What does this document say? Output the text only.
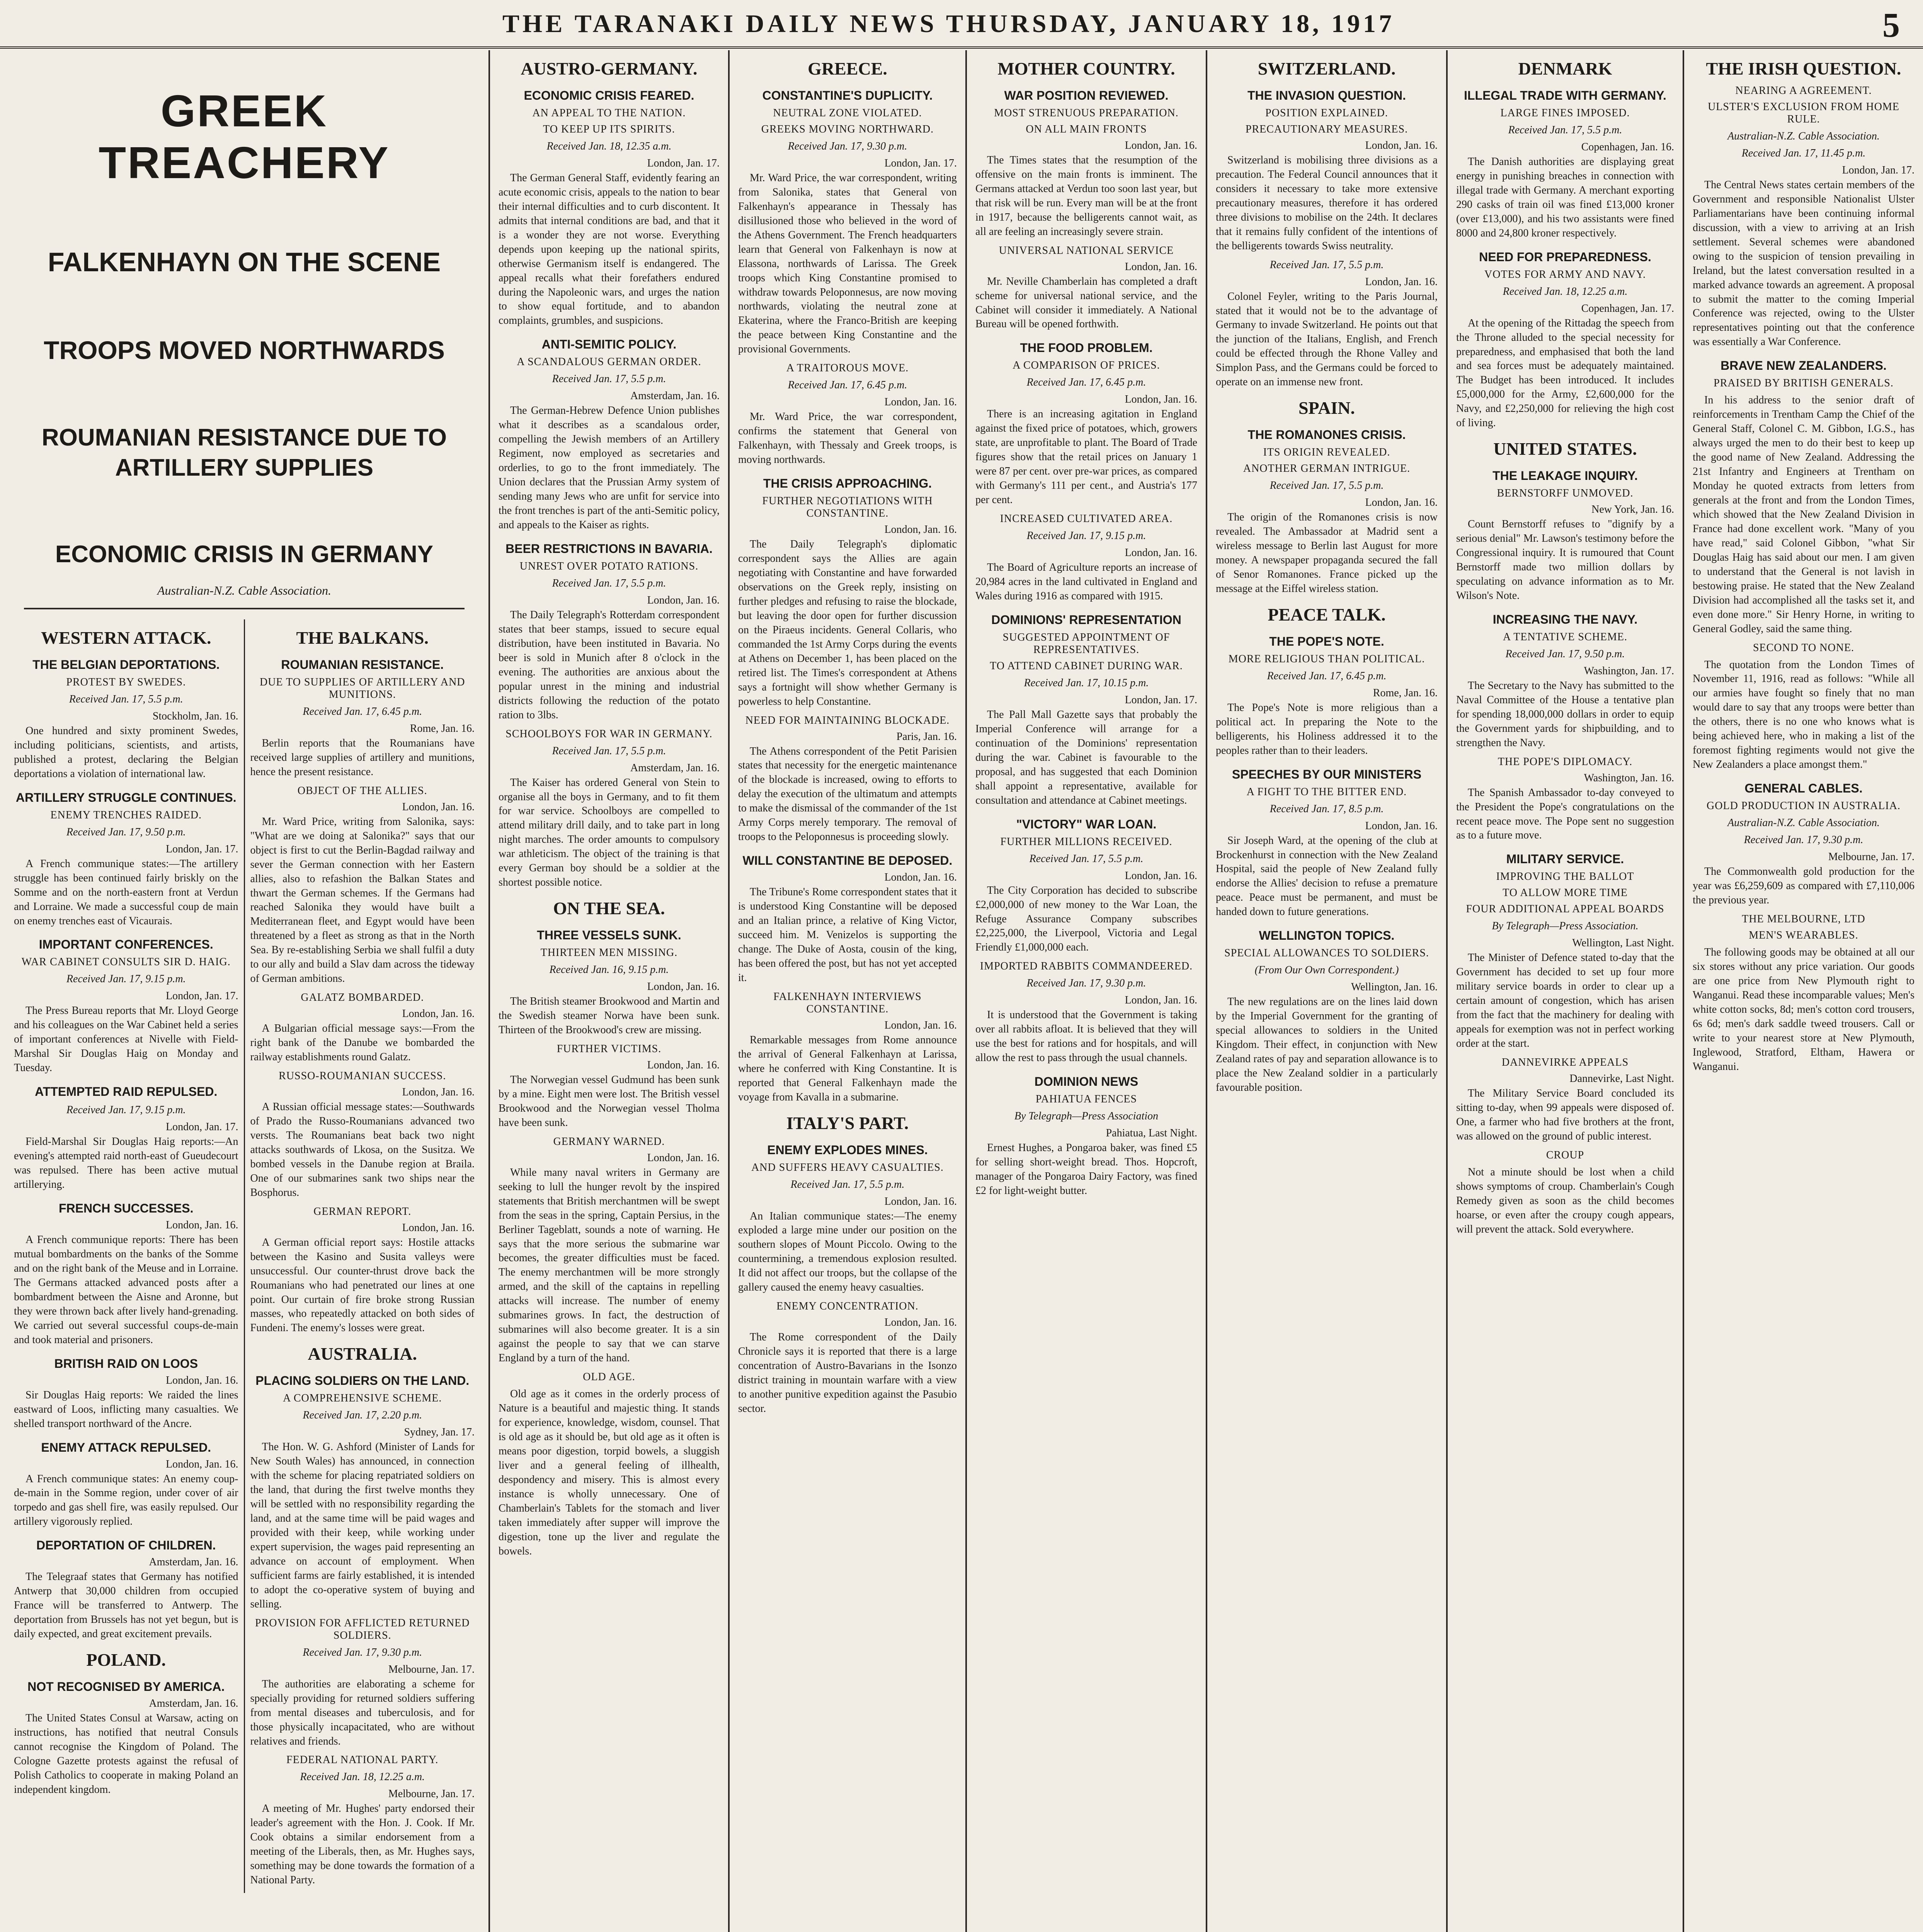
THE TARANAKI DAILY NEWS THURSDAY, JANUARY 18, 1917	5
GREEK TREACHERY
FALKENHAYN ON THE SCENE
TROOPS MOVED NORTHWARDS
ROUMANIAN RESISTANCE DUE TO ARTILLERY SUPPLIES
ECONOMIC CRISIS IN GERMANY
Australian-N.Z. Cable Association.
WESTERN ATTACK.
THE BELGIAN DEPORTATIONS.
PROTEST BY SWEDES.
Received Jan. 17, 5.5 p.m.
Stockholm, Jan. 16.

One hundred and sixty prominent Swedes, including politicians, scientists, and artists, published a protest, declaring the Belgian deportations a violation of international law.

ARTILLERY STRUGGLE CONTINUES.
ENEMY TRENCHES RAIDED.
Received Jan. 17, 9.50 p.m.
London, Jan. 17.

A French communique states:—The artillery struggle has been continued fairly briskly on the Somme and on the north-eastern front at Verdun and Lorraine. We made a successful coup de main on enemy trenches east of Vicaurais.

IMPORTANT CONFERENCES.
WAR CABINET CONSULTS SIR D. HAIG.
Received Jan. 17, 9.15 p.m.
London, Jan. 17.

The Press Bureau reports that Mr. Lloyd George and his colleagues on the War Cabinet held a series of important conferences at Nivelle with Field-Marshal Sir Douglas Haig on Monday and Tuesday.

ATTEMPTED RAID REPULSED.
Received Jan. 17, 9.15 p.m.
London, Jan. 17.

Field-Marshal Sir Douglas Haig reports:—An evening's attempted raid north-east of Gueudecourt was repulsed. There has been active mutual artillerying.

FRENCH SUCCESSES.
London, Jan. 16.

A French communique reports: There has been mutual bombardments on the banks of the Somme and on the right bank of the Meuse and in Lorraine. The Germans attacked advanced posts after a bombardment between the Aisne and Aronne, but they were thrown back after lively hand-grenading. We carried out several successful coups-de-main and took material and prisoners.

BRITISH RAID ON LOOS
London, Jan. 16.

Sir Douglas Haig reports: We raided the lines eastward of Loos, inflicting many casualties. We shelled transport northward of the Ancre.

ENEMY ATTACK REPULSED.
London, Jan. 16.

A French communique states: An enemy coup-de-main in the Somme region, under cover of air torpedo and gas shell fire, was easily repulsed. Our artillery vigorously replied.

DEPORTATION OF CHILDREN.
Amsterdam, Jan. 16.

The Telegraaf states that Germany has notified Antwerp that 30,000 children from occupied France will be transferred to Antwerp. The deportation from Brussels has not yet begun, but is daily expected, and great excitement prevails.

POLAND.
NOT RECOGNISED BY AMERICA.
Amsterdam, Jan. 16.

The United States Consul at Warsaw, acting on instructions, has notified that neutral Consuls cannot recognise the Kingdom of Poland. The Cologne Gazette protests against the refusal of Polish Catholics to cooperate in making Poland an independent kingdom.

THE BALKANS.
ROUMANIAN RESISTANCE.
DUE TO SUPPLIES OF ARTILLERY AND MUNITIONS.
Received Jan. 17, 6.45 p.m.
Rome, Jan. 16.

Berlin reports that the Roumanians have received large supplies of artillery and munitions, hence the present resistance.

OBJECT OF THE ALLIES.
London, Jan. 16.

Mr. Ward Price, writing from Salonika, says: "What are we doing at Salonika?" says that our object is first to cut the Berlin-Bagdad railway and sever the German connection with her Eastern allies, also to refashion the Balkan States and thwart the German schemes. If the Germans had reached Salonika they would have built a Mediterranean fleet, and Egypt would have been threatened by a fleet as strong as that in the North Sea. By re-establishing Serbia we shall fulfil a duty to our ally and build a Slav dam across the tideway of German ambitions.

GALATZ BOMBARDED.
London, Jan. 16.

A Bulgarian official message says:—From the right bank of the Danube we bombarded the railway establishments round Galatz.

RUSSO-ROUMANIAN SUCCESS.
London, Jan. 16.

A Russian official message states:—Southwards of Prado the Russo-Roumanians advanced two versts. The Roumanians beat back two night attacks southwards of Lkosa, on the Susitza. We bombed vessels in the Danube region at Braila. One of our submarines sank two ships near the Bosphorus.

GERMAN REPORT.
London, Jan. 16.

A German official report says: Hostile attacks between the Kasino and Susita valleys were unsuccessful. Our counter-thrust drove back the Roumanians who had penetrated our lines at one point. Our curtain of fire broke strong Russian masses, who repeatedly attacked on both sides of Fundeni. The enemy's losses were great.

AUSTRALIA.
PLACING SOLDIERS ON THE LAND.
A COMPREHENSIVE SCHEME.
Received Jan. 17, 2.20 p.m.
Sydney, Jan. 17.

The Hon. W. G. Ashford (Minister of Lands for New South Wales) has announced, in connection with the scheme for placing repatriated soldiers on the land, that during the first twelve months they will be settled with no responsibility regarding the land, and at the same time will be paid wages and provided with their keep, while working under expert supervision, the wages paid representing an advance on account of employment. When sufficient farms are fairly established, it is intended to adopt the co-operative system of buying and selling.

PROVISION FOR AFFLICTED RETURNED SOLDIERS.
Received Jan. 17, 9.30 p.m.
Melbourne, Jan. 17.

The authorities are elaborating a scheme for specially providing for returned soldiers suffering from mental diseases and tuberculosis, and for those physically incapacitated, who are without relatives and friends.

FEDERAL NATIONAL PARTY.
Received Jan. 18, 12.25 a.m.
Melbourne, Jan. 17.

A meeting of Mr. Hughes' party endorsed their leader's agreement with the Hon. J. Cook. If Mr. Cook obtains a similar endorsement from a meeting of the Liberals, then, as Mr. Hughes says, something may be done towards the formation of a National Party.

AUSTRO-GERMANY.
ECONOMIC CRISIS FEARED.
AN APPEAL TO THE NATION.
TO KEEP UP ITS SPIRITS.
Received Jan. 18, 12.35 a.m.
London, Jan. 17.

The German General Staff, evidently fearing an acute economic crisis, appeals to the nation to bear their internal difficulties and to curb discontent. It admits that internal conditions are bad, and that it is a wonder they are not worse. Everything depends upon keeping up the national spirits, otherwise Germanism itself is endangered. The appeal recalls what their forefathers endured during the Napoleonic wars, and urges the nation to show equal fortitude, and to abandon complaints, grumbles, and suspicions.

ANTI-SEMITIC POLICY.
A SCANDALOUS GERMAN ORDER.
Received Jan. 17, 5.5 p.m.
Amsterdam, Jan. 16.

The German-Hebrew Defence Union publishes what it describes as a scandalous order, compelling the Jewish members of an Artillery Regiment, now employed as secretaries and orderlies, to go to the front immediately. The Union declares that the Prussian Army system of sending many Jews who are unfit for service into the front trenches is part of the anti-Semitic policy, and appeals to the Kaiser as rights.

BEER RESTRICTIONS IN BAVARIA.
UNREST OVER POTATO RATIONS.
Received Jan. 17, 5.5 p.m.
London, Jan. 16.

The Daily Telegraph's Rotterdam correspondent states that beer stamps, issued to secure equal distribution, have been instituted in Bavaria. No beer is sold in Munich after 8 o'clock in the evening. The authorities are anxious about the popular unrest in the mining and industrial districts following the reduction of the potato ration to 3lbs.

SCHOOLBOYS FOR WAR IN GERMANY.
Received Jan. 17, 5.5 p.m.
Amsterdam, Jan. 16.

The Kaiser has ordered General von Stein to organise all the boys in Germany, and to fit them for war service. Schoolboys are compelled to attend military drill daily, and to take part in long night marches. The order amounts to compulsory war athleticism. The object of the training is that every German boy should be a soldier at the shortest possible notice.

ON THE SEA.
THREE VESSELS SUNK.
THIRTEEN MEN MISSING.
Received Jan. 16, 9.15 p.m.
London, Jan. 16.

The British steamer Brookwood and Martin and the Swedish steamer Norwa have been sunk. Thirteen of the Brookwood's crew are missing.

FURTHER VICTIMS.
London, Jan. 16.

The Norwegian vessel Gudmund has been sunk by a mine. Eight men were lost. The British vessel Brookwood and the Norwegian vessel Tholma have been sunk.

GERMANY WARNED.
London, Jan. 16.

While many naval writers in Germany are seeking to lull the hunger revolt by the inspired statements that British merchantmen will be swept from the seas in the spring, Captain Persius, in the Berliner Tageblatt, sounds a note of warning. He says that the more serious the submarine war becomes, the greater difficulties must be faced. The enemy merchantmen will be more strongly armed, and the skill of the captains in repelling attacks will increase. The number of enemy submarines grows. In fact, the destruction of submarines will also become greater. It is a sin against the people to say that we can starve England by a turn of the hand.

OLD AGE.

Old age as it comes in the orderly process of Nature is a beautiful and majestic thing. It stands for experience, knowledge, wisdom, counsel. That is old age as it should be, but old age as it often is means poor digestion, torpid bowels, a sluggish liver and a general feeling of illhealth, despondency and misery. This is almost every instance is wholly unnecessary. One of Chamberlain's Tablets for the stomach and liver taken immediately after supper will improve the digestion, tone up the liver and regulate the bowels.

GREECE.
CONSTANTINE'S DUPLICITY.
NEUTRAL ZONE VIOLATED.
GREEKS MOVING NORTHWARD.
Received Jan. 17, 9.30 p.m.
London, Jan. 17.

Mr. Ward Price, the war correspondent, writing from Salonika, states that General von Falkenhayn's appearance in Thessaly has disillusioned those who believed in the word of the Athens Government. The French headquarters learn that General von Falkenhayn is now at Elassona, northwards of Larissa. The Greek troops which King Constantine promised to withdraw towards Peloponnesus, are now moving northwards, violating the neutral zone at Ekaterina, where the Franco-British are keeping the peace between King Constantine and the provisional Governments.

A TRAITOROUS MOVE.
Received Jan. 17, 6.45 p.m.
London, Jan. 16.

Mr. Ward Price, the war correspondent, confirms the statement that General von Falkenhayn, with Thessaly and Greek troops, is moving northwards.

THE CRISIS APPROACHING.
FURTHER NEGOTIATIONS WITH CONSTANTINE.
London, Jan. 16.

The Daily Telegraph's diplomatic correspondent says the Allies are again negotiating with Constantine and have forwarded observations on the Greek reply, insisting on further pledges and refusing to raise the blockade, but leaving the door open for further discussion on the Piraeus incidents. General Collaris, who commanded the 1st Army Corps during the events at Athens on December 1, has been placed on the retired list. The Times's correspondent at Athens says a fortnight will show whether Germany is powerless to help Constantine.

NEED FOR MAINTAINING BLOCKADE.
Paris, Jan. 16.

The Athens correspondent of the Petit Parisien states that necessity for the energetic maintenance of the blockade is increased, owing to efforts to delay the execution of the ultimatum and attempts to make the dismissal of the commander of the 1st Army Corps merely temporary. The removal of troops to the Peloponnesus is proceeding slowly.

WILL CONSTANTINE BE DEPOSED.
London, Jan. 16.

The Tribune's Rome correspondent states that it is understood King Constantine will be deposed and an Italian prince, a relative of King Victor, succeed him. M. Venizelos is supporting the change. The Duke of Aosta, cousin of the king, has been offered the post, but has not yet accepted it.

FALKENHAYN INTERVIEWS CONSTANTINE.
London, Jan. 16.

Remarkable messages from Rome announce the arrival of General Falkenhayn at Larissa, where he conferred with King Constantine. It is reported that General Falkenhayn made the voyage from Kavalla in a submarine.

ITALY'S PART.
ENEMY EXPLODES MINES.
AND SUFFERS HEAVY CASUALTIES.
Received Jan. 17, 5.5 p.m.
London, Jan. 16.

An Italian communique states:—The enemy exploded a large mine under our position on the southern slopes of Mount Piccolo. Owing to the countermining, a tremendous explosion resulted. It did not affect our troops, but the collapse of the gallery caused the enemy heavy casualties.

ENEMY CONCENTRATION.
London, Jan. 16.

The Rome correspondent of the Daily Chronicle says it is reported that there is a large concentration of Austro-Bavarians in the Isonzo district training in mountain warfare with a view to another punitive expedition against the Pasubio sector.

MOTHER COUNTRY.
WAR POSITION REVIEWED.
MOST STRENUOUS PREPARATION.
ON ALL MAIN FRONTS
London, Jan. 16.

The Times states that the resumption of the offensive on the main fronts is imminent. The Germans attacked at Verdun too soon last year, but that risk will be run. Every man will be at the front in 1917, because the belligerents cannot wait, as all are feeling an increasingly severe strain.

UNIVERSAL NATIONAL SERVICE
London, Jan. 16.

Mr. Neville Chamberlain has completed a draft scheme for universal national service, and the Cabinet will consider it immediately. A National Bureau will be opened forthwith.

THE FOOD PROBLEM.
A COMPARISON OF PRICES.
Received Jan. 17, 6.45 p.m.
London, Jan. 16.

There is an increasing agitation in England against the fixed price of potatoes, which, growers state, are unprofitable to plant. The Board of Trade figures show that the retail prices on January 1 were 87 per cent. over pre-war prices, as compared with Germany's 111 per cent., and Austria's 177 per cent.

INCREASED CULTIVATED AREA.
Received Jan. 17, 9.15 p.m.
London, Jan. 16.

The Board of Agriculture reports an increase of 20,984 acres in the land cultivated in England and Wales during 1916 as compared with 1915.

DOMINIONS' REPRESENTATION
SUGGESTED APPOINTMENT OF REPRESENTATIVES.
TO ATTEND CABINET DURING WAR.
Received Jan. 17, 10.15 p.m.
London, Jan. 17.

The Pall Mall Gazette says that probably the Imperial Conference will arrange for a continuation of the Dominions' representation during the war. Cabinet is favourable to the proposal, and has suggested that each Dominion shall appoint a representative, available for consultation and attendance at Cabinet meetings.

"VICTORY" WAR LOAN.
FURTHER MILLIONS RECEIVED.
Received Jan. 17, 5.5 p.m.
London, Jan. 16.

The City Corporation has decided to subscribe £2,000,000 of new money to the War Loan, the Refuge Assurance Company subscribes £2,225,000, the Liverpool, Victoria and Legal Friendly £1,000,000 each.

IMPORTED RABBITS COMMANDEERED.
Received Jan. 17, 9.30 p.m.
London, Jan. 16.

It is understood that the Government is taking over all rabbits afloat. It is believed that they will use the best for rations and for hospitals, and will allow the rest to pass through the usual channels.

DOMINION NEWS
PAHIATUA FENCES
By Telegraph—Press Association
Pahiatua, Last Night.

Ernest Hughes, a Pongaroa baker, was fined £5 for selling short-weight bread. Thos. Hopcroft, manager of the Pongaroa Dairy Factory, was fined £2 for light-weight butter.

SWITZERLAND.
THE INVASION QUESTION.
POSITION EXPLAINED.
PRECAUTIONARY MEASURES.
London, Jan. 16.

Switzerland is mobilising three divisions as a precaution. The Federal Council announces that it considers it necessary to take more extensive precautionary measures, therefore it has ordered three divisions to mobilise on the 24th. It declares that it remains fully confident of the intentions of the belligerents towards Swiss neutrality.

Received Jan. 17, 5.5 p.m.
London, Jan. 16.

Colonel Feyler, writing to the Paris Journal, stated that it would not be to the advantage of Germany to invade Switzerland. He points out that the junction of the Italians, English, and French could be effected through the Rhone Valley and Simplon Pass, and the Germans could be forced to operate on an immense new front.

SPAIN.
THE ROMANONES CRISIS.
ITS ORIGIN REVEALED.
ANOTHER GERMAN INTRIGUE.
Received Jan. 17, 5.5 p.m.
London, Jan. 16.

The origin of the Romanones crisis is now revealed. The Ambassador at Madrid sent a wireless message to Berlin last August for more money. A newspaper propaganda secured the fall of Senor Romanones. France picked up the message at the Eiffel wireless station.

PEACE TALK.
THE POPE'S NOTE.
MORE RELIGIOUS THAN POLITICAL.
Received Jan. 17, 6.45 p.m.
Rome, Jan. 16.

The Pope's Note is more religious than a political act. In preparing the Note to the belligerents, his Holiness addressed it to the peoples rather than to their leaders.

SPEECHES BY OUR MINISTERS
A FIGHT TO THE BITTER END.
Received Jan. 17, 8.5 p.m.
London, Jan. 16.

Sir Joseph Ward, at the opening of the club at Brockenhurst in connection with the New Zealand Hospital, said the people of New Zealand fully endorse the Allies' decision to refuse a premature peace. Peace must be permanent, and must be handed down to future generations.

WELLINGTON TOPICS.
SPECIAL ALLOWANCES TO SOLDIERS.
(From Our Own Correspondent.)
Wellington, Jan. 16.

The new regulations are on the lines laid down by the Imperial Government for the granting of special allowances to soldiers in the United Kingdom. Their effect, in conjunction with New Zealand rates of pay and separation allowance is to place the New Zealand soldier in a particularly favourable position.

DENMARK
ILLEGAL TRADE WITH GERMANY.
LARGE FINES IMPOSED.
Received Jan. 17, 5.5 p.m.
Copenhagen, Jan. 16.

The Danish authorities are displaying great energy in punishing breaches in connection with illegal trade with Germany. A merchant exporting 290 casks of train oil was fined £13,000 kroner (over £13,000), and his two assistants were fined 8000 and 24,800 kroner respectively.

NEED FOR PREPAREDNESS.
VOTES FOR ARMY AND NAVY.
Received Jan. 18, 12.25 a.m.
Copenhagen, Jan. 17.

At the opening of the Rittadag the speech from the Throne alluded to the special necessity for preparedness, and emphasised that both the land and sea forces must be adequately maintained. The Budget has been introduced. It includes £5,000,000 for the Army, £2,600,000 for the Navy, and £2,250,000 for relieving the high cost of living.

UNITED STATES.
THE LEAKAGE INQUIRY.
BERNSTORFF UNMOVED.
New York, Jan. 16.

Count Bernstorff refuses to "dignify by a serious denial" Mr. Lawson's testimony before the Congressional inquiry. It is rumoured that Count Bernstorff made two million dollars by speculating on advance information as to Mr. Wilson's Note.

INCREASING THE NAVY.
A TENTATIVE SCHEME.
Received Jan. 17, 9.50 p.m.
Washington, Jan. 17.

The Secretary to the Navy has submitted to the Naval Committee of the House a tentative plan for spending 18,000,000 dollars in order to equip the Government yards for shipbuilding, and to strengthen the Navy.

THE POPE'S DIPLOMACY.
Washington, Jan. 16.

The Spanish Ambassador to-day conveyed to the President the Pope's congratulations on the recent peace move. The Pope sent no suggestion as to a future move.

MILITARY SERVICE.
IMPROVING THE BALLOT
TO ALLOW MORE TIME
FOUR ADDITIONAL APPEAL BOARDS
By Telegraph—Press Association.
Wellington, Last Night.

The Minister of Defence stated to-day that the Government has decided to set up four more military service boards in order to clear up a certain amount of congestion, which has arisen from the fact that the machinery for dealing with appeals for exemption was not in perfect working order at the start.

DANNEVIRKE APPEALS
Dannevirke, Last Night.

The Military Service Board concluded its sitting to-day, when 99 appeals were disposed of. One, a farmer who had five brothers at the front, was allowed on the ground of public interest.

CROUP

Not a minute should be lost when a child shows symptoms of croup. Chamberlain's Cough Remedy given as soon as the child becomes hoarse, or even after the croupy cough appears, will prevent the attack. Sold everywhere.

THE IRISH QUESTION.
NEARING A AGREEMENT.
ULSTER'S EXCLUSION FROM HOME RULE.
Australian-N.Z. Cable Association.
Received Jan. 17, 11.45 p.m.
London, Jan. 17.

The Central News states certain members of the Government and responsible Nationalist Ulster Parliamentarians have been continuing informal discussion, with a view to arriving at an Irish settlement. Several schemes were abandoned owing to the suspicion of tension prevailing in Ireland, but the latest conversation resulted in a marked advance towards an agreement. A proposal to submit the matter to the coming Imperial Conference was rejected, owing to the Ulster representatives pointing out that the conference was essentially a War Conference.

BRAVE NEW ZEALANDERS.
PRAISED BY BRITISH GENERALS.

In his address to the senior draft of reinforcements in Trentham Camp the Chief of the General Staff, Colonel C. M. Gibbon, I.G.S., has always urged the men to do their best to keep up the good name of New Zealand. Addressing the 21st Infantry and Engineers at Trentham on Monday he quoted extracts from letters from generals at the front and from the London Times, which showed that the New Zealand Division in France had done excellent work. "Many of you have read," said Colonel Gibbon, "what Sir Douglas Haig has said about our men. I am given to understand that the General is not lavish in bestowing praise. He stated that the New Zealand Division had accomplished all the tasks set it, and even done more." Sir Henry Horne, in writing to General Godley, said the same thing.

SECOND TO NONE.

The quotation from the London Times of November 11, 1916, read as follows: "While all our armies have fought so finely that no man would dare to say that any troops were better than the others, there is no one who knows what is being achieved here, who in making a list of the foremost fighting regiments would not give the New Zealanders a place amongst them."

GENERAL CABLES.
GOLD PRODUCTION IN AUSTRALIA.
Australian-N.Z. Cable Association.
Received Jan. 17, 9.30 p.m.
Melbourne, Jan. 17.

The Commonwealth gold production for the year was £6,259,609 as compared with £7,110,006 the previous year.

THE MELBOURNE, LTD
MEN'S WEARABLES.

The following goods may be obtained at all our six stores without any price variation. Our goods are one price from New Plymouth right to Wanganui. Read these incomparable values; Men's white cotton socks, 8d; men's cotton cord trousers, 6s 6d; men's dark saddle tweed trousers. Call or write to your nearest store at New Plymouth, Inglewood, Stratford, Eltham, Hawera or Wanganui.
